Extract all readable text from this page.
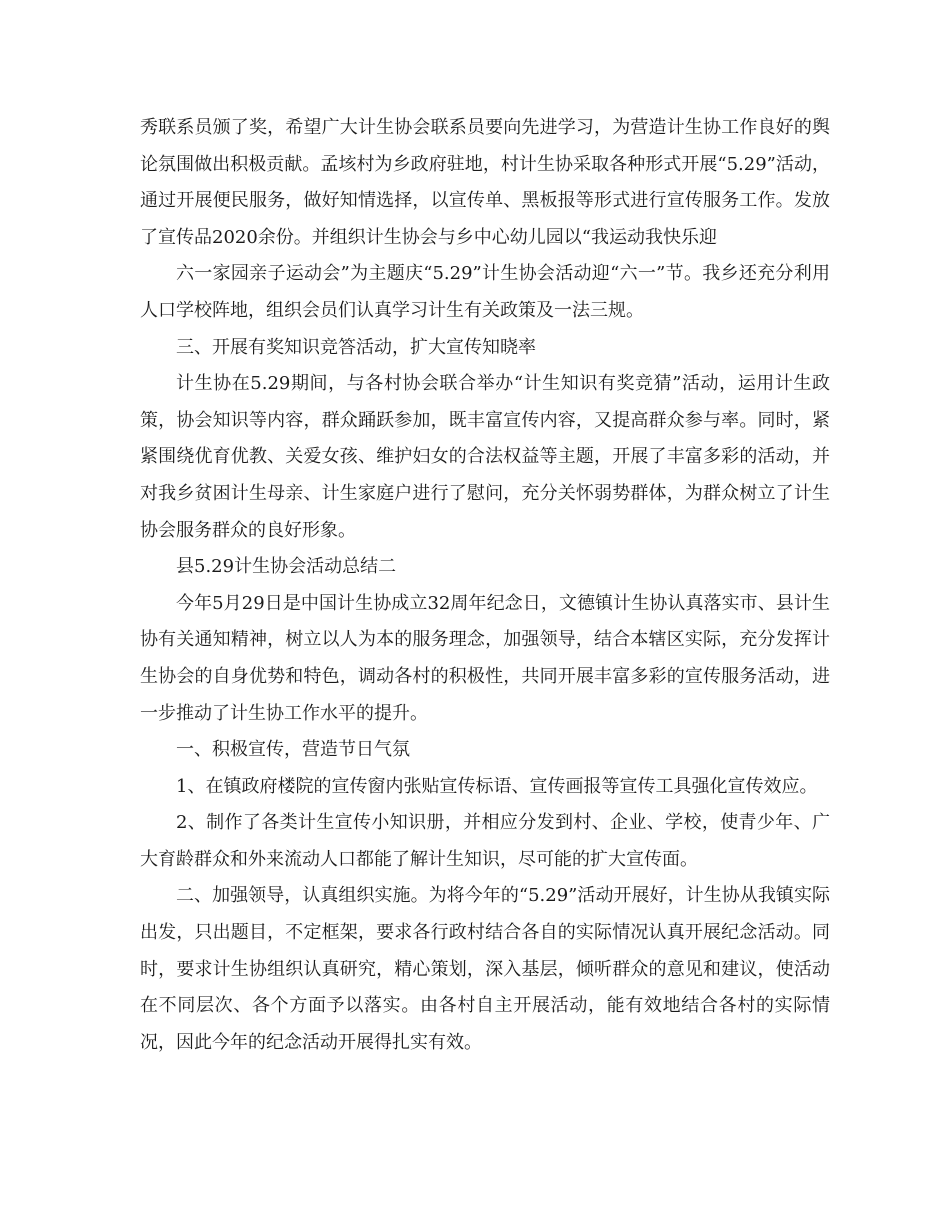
秀联系员颁了奖，希望广大计生协会联系员要向先进学习，为营造计生协工作良好的舆论氛围做出积极贡献。孟垓村为乡政府驻地，村计生协采取各种形式开展“5.29”活动，通过开展便民服务，做好知情选择，以宣传单、黑板报等形式进行宣传服务工作。发放了宣传品2020余份。并组织计生协会与乡中心幼儿园以“我运动我快乐迎

六一家园亲子运动会”为主题庆“5.29”计生协会活动迎“六一”节。我乡还充分利用人口学校阵地，组织会员们认真学习计生有关政策及一法三规。

三、开展有奖知识竞答活动，扩大宣传知晓率

计生协在5.29期间，与各村协会联合举办“计生知识有奖竞猜”活动，运用计生政策，协会知识等内容，群众踊跃参加，既丰富宣传内容，又提高群众参与率。同时，紧紧围绕优育优教、关爱女孩、维护妇女的合法权益等主题，开展了丰富多彩的活动，并对我乡贫困计生母亲、计生家庭户进行了慰问，充分关怀弱势群体，为群众树立了计生协会服务群众的良好形象。

县5.29计生协会活动总结二

今年5月29日是中国计生协成立32周年纪念日，文德镇计生协认真落实市、县计生协有关通知精神，树立以人为本的服务理念，加强领导，结合本辖区实际，充分发挥计生协会的自身优势和特色，调动各村的积极性，共同开展丰富多彩的宣传服务活动，进一步推动了计生协工作水平的提升。

一、积极宣传，营造节日气氛

1、在镇政府楼院的宣传窗内张贴宣传标语、宣传画报等宣传工具强化宣传效应。

2、制作了各类计生宣传小知识册，并相应分发到村、企业、学校，使青少年、广大育龄群众和外来流动人口都能了解计生知识，尽可能的扩大宣传面。

二、加强领导，认真组织实施。为将今年的“5.29”活动开展好，计生协从我镇实际出发，只出题目，不定框架，要求各行政村结合各自的实际情况认真开展纪念活动。同时，要求计生协组织认真研究，精心策划，深入基层，倾听群众的意见和建议，使活动在不同层次、各个方面予以落实。由各村自主开展活动，能有效地结合各村的实际情况，因此今年的纪念活动开展得扎实有效。
